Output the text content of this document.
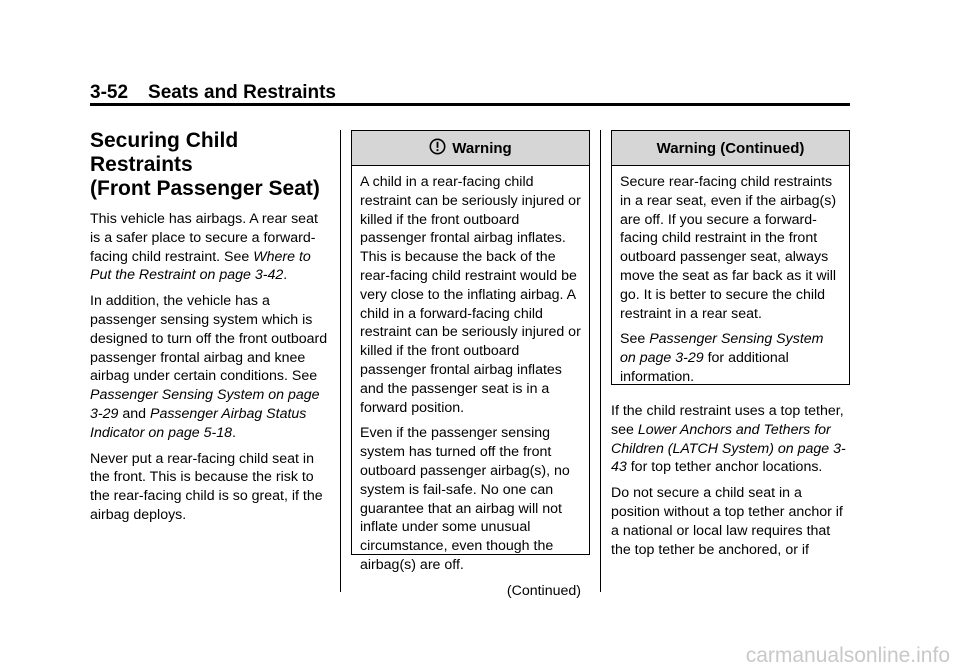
3-52 Seats and Restraints
Securing Child Restraints
(Front Passenger Seat)

This vehicle has airbags. A rear seat is a safer place to secure a forward-facing child restraint. See Where to Put the Restraint on page 3-42.

In addition, the vehicle has a passenger sensing system which is designed to turn off the front outboard passenger frontal airbag and knee airbag under certain conditions. See Passenger Sensing System on page 3-29 and Passenger Airbag Status Indicator on page 5-18.

Never put a rear-facing child seat in the front. This is because the risk to the rear-facing child is so great, if the airbag deploys.

Warning

A child in a rear-facing child restraint can be seriously injured or killed if the front outboard passenger frontal airbag inflates. This is because the back of the rear-facing child restraint would be very close to the inflating airbag. A child in a forward-facing child restraint can be seriously injured or killed if the front outboard passenger frontal airbag inflates and the passenger seat is in a forward position.

Even if the passenger sensing system has turned off the front outboard passenger airbag(s), no system is fail-safe. No one can guarantee that an airbag will not inflate under some unusual circumstance, even though the airbag(s) are off.

(Continued)

Warning (Continued)

Secure rear-facing child restraints in a rear seat, even if the airbag(s) are off. If you secure a forward-facing child restraint in the front outboard passenger seat, always move the seat as far back as it will go. It is better to secure the child restraint in a rear seat.

See Passenger Sensing System on page 3-29 for additional information.

If the child restraint uses a top tether, see Lower Anchors and Tethers for Children (LATCH System) on page 3-43 for top tether anchor locations.

Do not secure a child seat in a position without a top tether anchor if a national or local law requires that the top tether be anchored, or if

carmanualsonline.info
